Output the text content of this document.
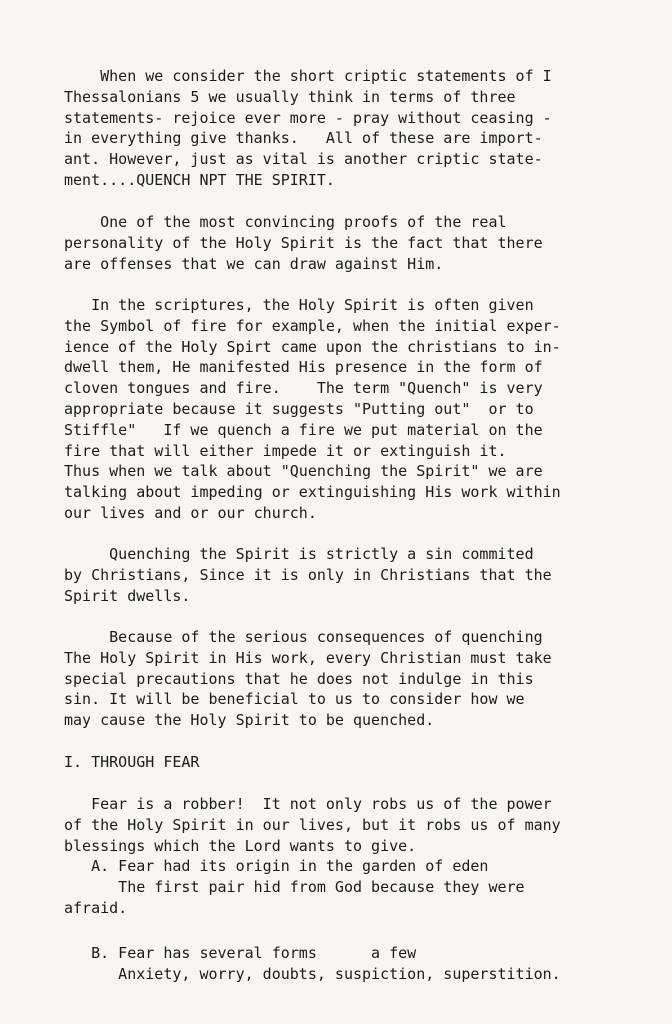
When we consider the short criptic statements of I
Thessalonians 5 we usually think in terms of three
statements- rejoice ever more - pray without ceasing -
in everything give thanks.   All of these are import-
ant. However, just as vital is another criptic state-
ment....QUENCH NPT THE SPIRIT.
One of the most convincing proofs of the real
personality of the Holy Spirit is the fact that there
are offenses that we can draw against Him.
In the scriptures, the Holy Spirit is often given
the Symbol of fire for example, when the initial exper-
ience of the Holy Spirt came upon the christians to in-
dwell them, He manifested His presence in the form of
cloven tongues and fire.    The term "Quench" is very
appropriate because it suggests "Putting out"  or to
Stiffle"   If we quench a fire we put material on the
fire that will either impede it or extinguish it.
Thus when we talk about "Quenching the Spirit" we are
talking about impeding or extinguishing His work within
our lives and or our church.
Quenching the Spirit is strictly a sin commited
by Christians, Since it is only in Christians that the
Spirit dwells.
Because of the serious consequences of quenching
The Holy Spirit in His work, every Christian must take
special precautions that he does not indulge in this
sin. It will be beneficial to us to consider how we
may cause the Holy Spirit to be quenched.
I. THROUGH FEAR
Fear is a robber!  It not only robs us of the power
of the Holy Spirit in our lives, but it robs us of many
blessings which the Lord wants to give.
A. Fear had its origin in the garden of eden
The first pair hid from God because they were
afraid.
B. Fear has several forms      a few
Anxiety, worry, doubts, suspiction, superstition.
